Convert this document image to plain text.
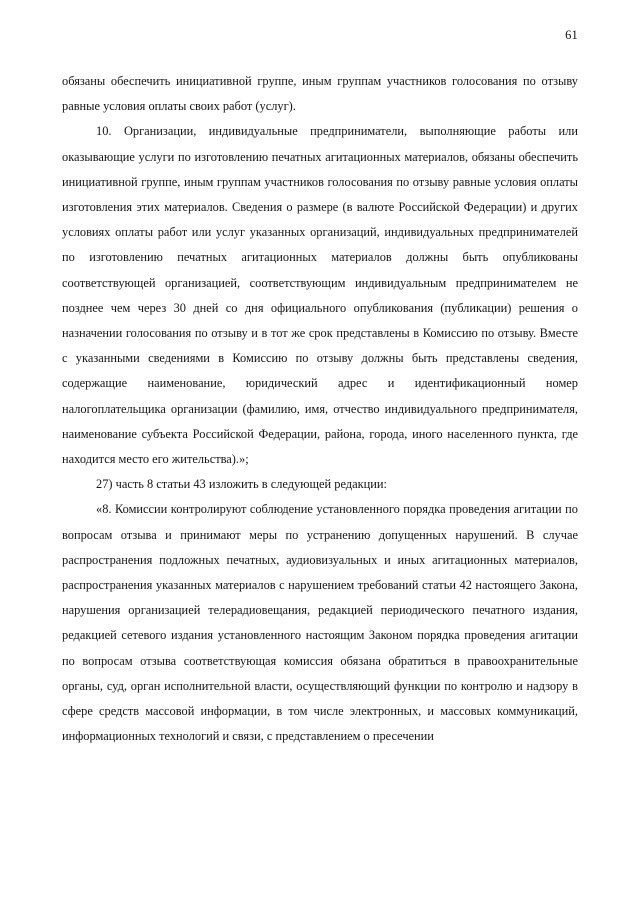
61

обязаны обеспечить инициативной группе, иным группам участников голосования по отзыву равные условия оплаты своих работ (услуг).

10. Организации, индивидуальные предприниматели, выполняющие работы или оказывающие услуги по изготовлению печатных агитационных материалов, обязаны обеспечить инициативной группе, иным группам участников голосования по отзыву равные условия оплаты изготовления этих материалов. Сведения о размере (в валюте Российской Федерации) и других условиях оплаты работ или услуг указанных организаций, индивидуальных предпринимателей по изготовлению печатных агитационных материалов должны быть опубликованы соответствующей организацией, соответствующим индивидуальным предпринимателем не позднее чем через 30 дней со дня официального опубликования (публикации) решения о назначении голосования по отзыву и в тот же срок представлены в Комиссию по отзыву. Вместе с указанными сведениями в Комиссию по отзыву должны быть представлены сведения, содержащие наименование, юридический адрес и идентификационный номер налогоплательщика организации (фамилию, имя, отчество индивидуального предпринимателя, наименование субъекта Российской Федерации, района, города, иного населенного пункта, где находится место его жительства).»;

27) часть 8 статьи 43 изложить в следующей редакции:

«8. Комиссии контролируют соблюдение установленного порядка проведения агитации по вопросам отзыва и принимают меры по устранению допущенных нарушений. В случае распространения подложных печатных, аудиовизуальных и иных агитационных материалов, распространения указанных материалов с нарушением требований статьи 42 настоящего Закона, нарушения организацией телерадиовещания, редакцией периодического печатного издания, редакцией сетевого издания установленного настоящим Законом порядка проведения агитации по вопросам отзыва соответствующая комиссия обязана обратиться в правоохранительные органы, суд, орган исполнительной власти, осуществляющий функции по контролю и надзору в сфере средств массовой информации, в том числе электронных, и массовых коммуникаций, информационных технологий и связи, с представлением о пресечении
